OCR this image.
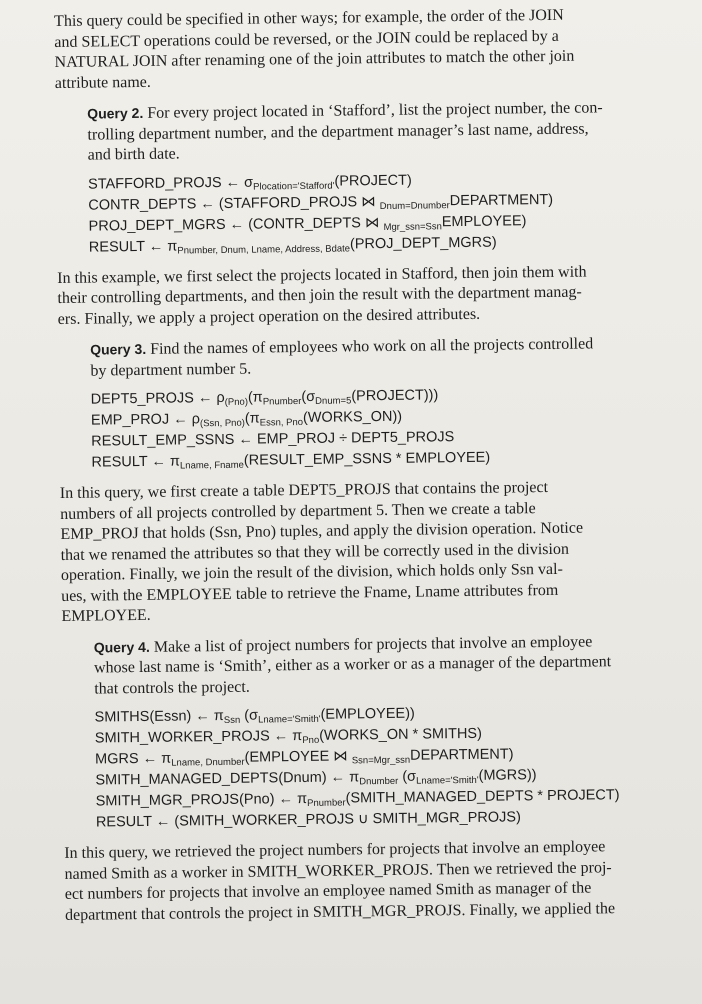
This query could be specified in other ways; for example, the order of the JOIN
and SELECT operations could be reversed, or the JOIN could be replaced by a
NATURAL JOIN after renaming one of the join attributes to match the other join
attribute name.

Query 2. For every project located in ‘Stafford’, list the project number, the con-
trolling department number, and the department manager’s last name, address,
and birth date.

STAFFORD_PROJS ← $\sigma_{Plocation='Stafford'}(PROJECT)$
CONTR_DEPTS ← (STAFFORD_PROJS ⋈ $_{Dnum=Dnumber}$DEPARTMENT)
PROJ_DEPT_MGRS ← (CONTR_DEPTS ⋈ $_{Mgr\_ssn=Ssn}$EMPLOYEE)
RESULT ← $\pi_{Pnumber, Dnum, Lname, Address, Bdate}(PROJ\_DEPT\_MGRS)$

In this example, we first select the projects located in Stafford, then join them with
their controlling departments, and then join the result with the department manag-
ers. Finally, we apply a project operation on the desired attributes.

Query 3. Find the names of employees who work on all the projects controlled
by department number 5.

DEPT5_PROJS ← $\rho_{(Pno)}(\pi_{Pnumber}(\sigma_{Dnum=5}(PROJECT)))$
EMP_PROJ ← $\rho_{(Ssn, Pno)}(\pi_{Essn, Pno}(WORKS\_ON))$
RESULT_EMP_SSNS ← EMP_PROJ ÷ DEPT5_PROJS
RESULT ← $\pi_{Lname, Fname}(RESULT\_EMP\_SSNS$ * EMPLOYEE)

In this query, we first create a table DEPT5_PROJS that contains the project
numbers of all projects controlled by department 5. Then we create a table
EMP_PROJ that holds (Ssn, Pno) tuples, and apply the division operation. Notice
that we renamed the attributes so that they will be correctly used in the division
operation. Finally, we join the result of the division, which holds only Ssn val-
ues, with the EMPLOYEE table to retrieve the Fname, Lname attributes from
EMPLOYEE.

Query 4. Make a list of project numbers for projects that involve an employee
whose last name is ‘Smith’, either as a worker or as a manager of the department
that controls the project.

SMITHS(Essn) ← $\pi_{Ssn}$ $(\sigma_{Lname='Smith'}(EMPLOYEE))$
SMITH_WORKER_PROJS ← $\pi_{Pno}(WORKS\_ON$ * SMITHS)
MGRS ← $\pi_{Lname, Dnumber}(EMPLOYEE$ ⋈ $_{Ssn=Mgr\_ssn}$DEPARTMENT)
SMITH_MANAGED_DEPTS(Dnum) ← $\pi_{Dnumber}$ $(\sigma_{Lname='Smith'}(MGRS))$
SMITH_MGR_PROJS(Pno) ← $\pi_{Pnumber}(SMITH\_MANAGED\_DEPTS$ * PROJECT)
RESULT ← (SMITH_WORKER_PROJS ∪ SMITH_MGR_PROJS)

In this query, we retrieved the project numbers for projects that involve an employee
named Smith as a worker in SMITH_WORKER_PROJS. Then we retrieved the proj-
ect numbers for projects that involve an employee named Smith as manager of the
department that controls the project in SMITH_MGR_PROJS. Finally, we applied the
